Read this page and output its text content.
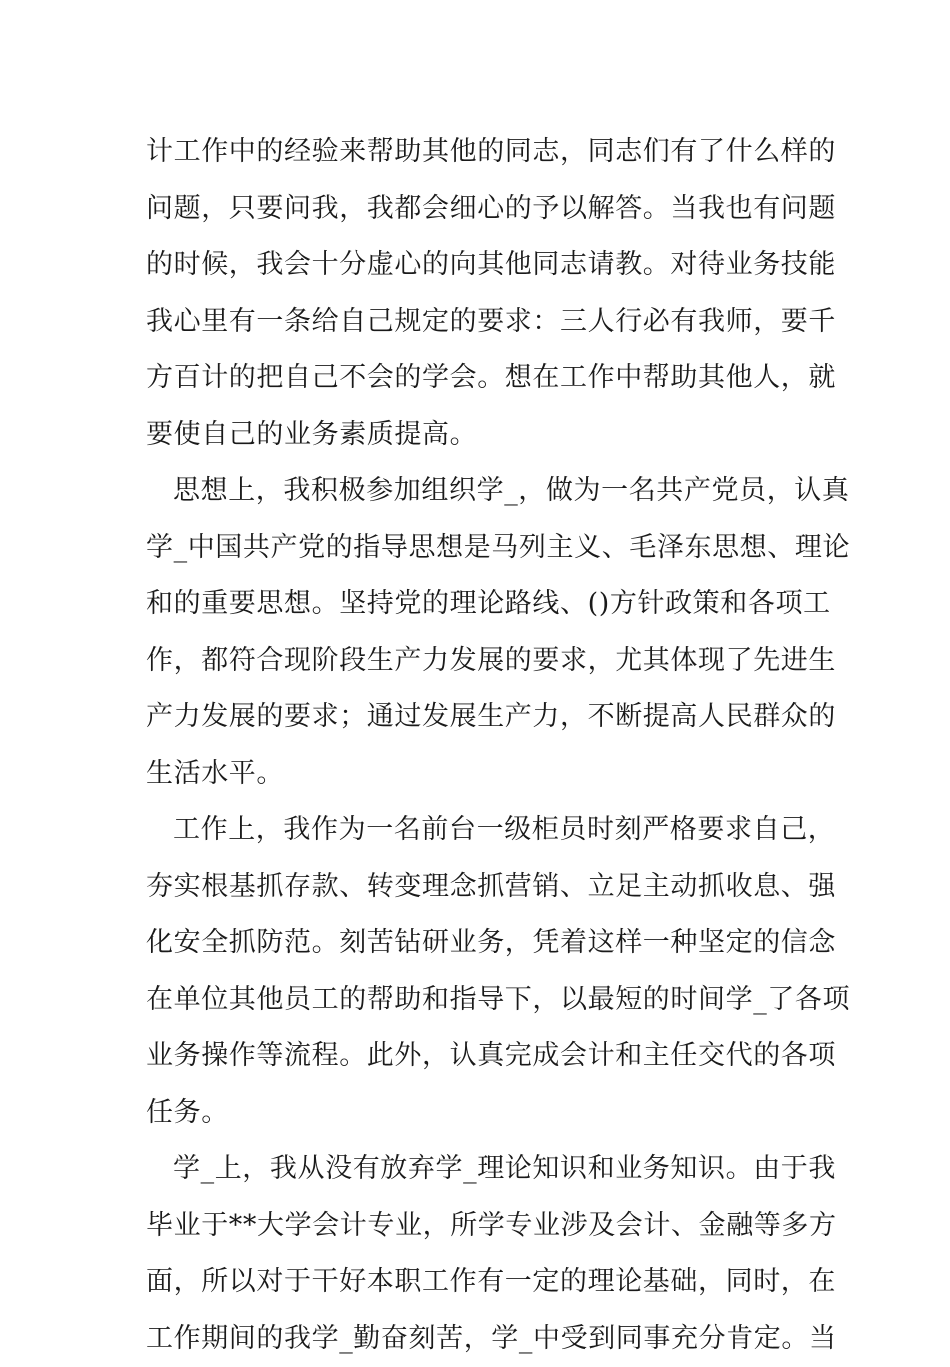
计工作中的经验来帮助其他的同志，同志们有了什么样的
问题，只要问我，我都会细心的予以解答。当我也有问题
的时候，我会十分虚心的向其他同志请教。对待业务技能
我心里有一条给自己规定的要求：三人行必有我师，要千
方百计的把自己不会的学会。想在工作中帮助其他人，就
要使自己的业务素质提高。
思想上，我积极参加组织学_，做为一名共产党员，认真
学_中国共产党的指导思想是马列主义、毛泽东思想、理论
和的重要思想。坚持党的理论路线、()方针政策和各项工
作，都符合现阶段生产力发展的要求，尤其体现了先进生
产力发展的要求；通过发展生产力，不断提高人民群众的
生活水平。
工作上，我作为一名前台一级柜员时刻严格要求自己，
夯实根基抓存款、转变理念抓营销、立足主动抓收息、强
化安全抓防范。刻苦钻研业务，凭着这样一种坚定的信念
在单位其他员工的帮助和指导下，以最短的时间学_了各项
业务操作等流程。此外，认真完成会计和主任交代的各项
任务。
学_上，我从没有放弃学_理论知识和业务知识。由于我
毕业于**大学会计专业，所学专业涉及会计、金融等多方
面，所以对于干好本职工作有一定的理论基础，同时，在
工作期间的我学_勤奋刻苦，学_中受到同事充分肯定。当
